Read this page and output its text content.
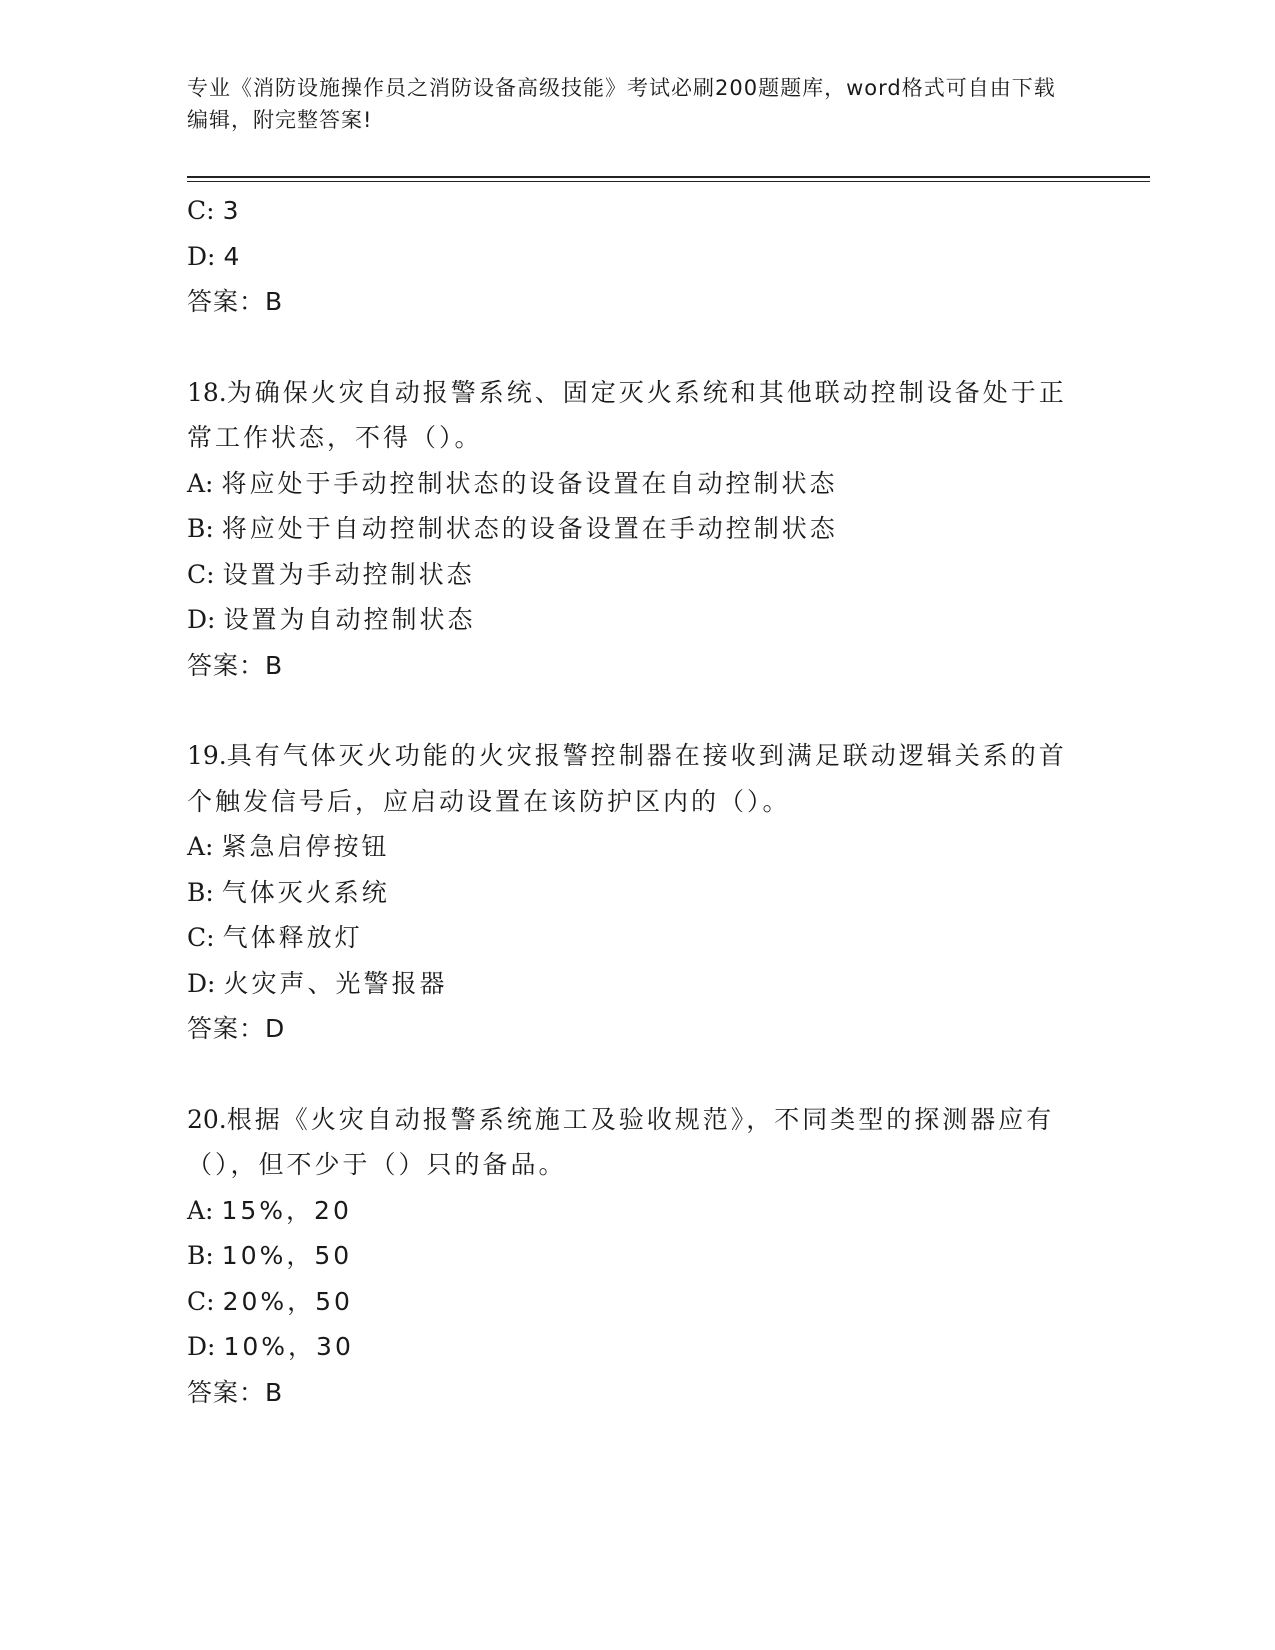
专业《消防设施操作员之消防设备高级技能》考试必刷200题题库，word格式可自由下载编辑，附完整答案!
C: 3
D: 4
答案：B
18.为确保火灾自动报警系统、固定灭火系统和其他联动控制设备处于正常工作状态，不得（）。
A: 将应处于手动控制状态的设备设置在自动控制状态
B: 将应处于自动控制状态的设备设置在手动控制状态
C: 设置为手动控制状态
D: 设置为自动控制状态
答案：B
19.具有气体灭火功能的火灾报警控制器在接收到满足联动逻辑关系的首个触发信号后，应启动设置在该防护区内的（）。
A: 紧急启停按钮
B: 气体灭火系统
C: 气体释放灯
D: 火灾声、光警报器
答案：D
20.根据《火灾自动报警系统施工及验收规范》，不同类型的探测器应有（），但不少于（）只的备品。
A: 15%，20
B: 10%，50
C: 20%，50
D: 10%，30
答案：B
